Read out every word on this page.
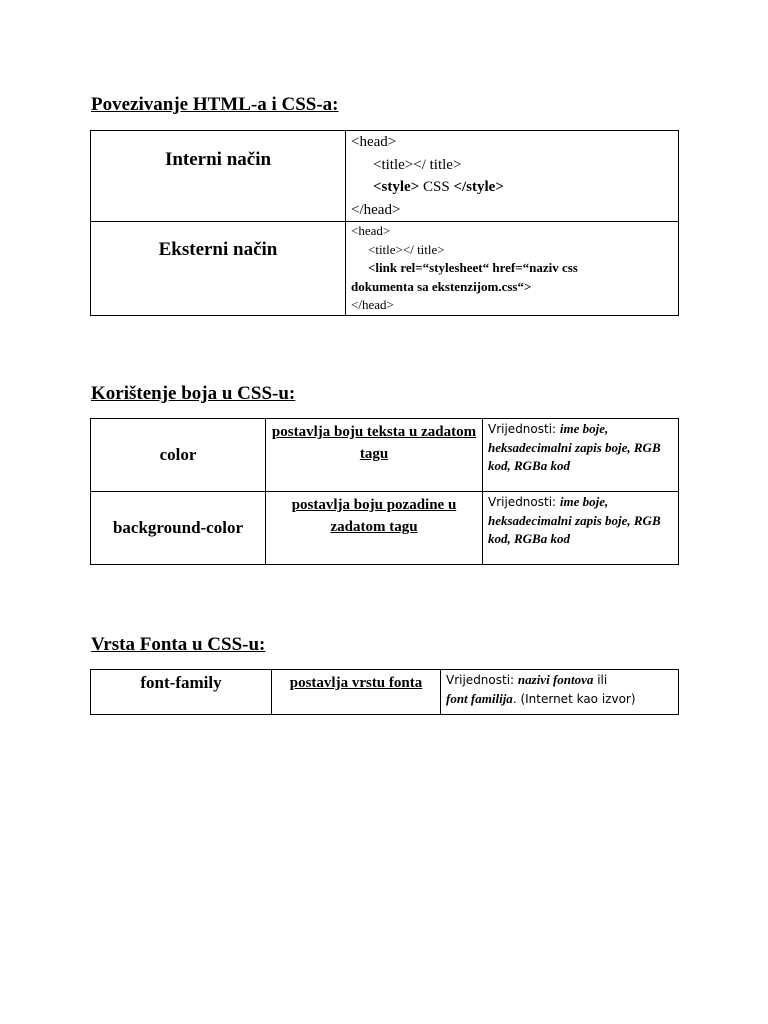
Povezivanje HTML-a i CSS-a:
Interni način	<head>
<title></ title>
<style> CSS </style>
</head>

Eksterni način	<head>
<title></ title>
<link rel=“stylesheet“ href=“naziv css
dokumenta sa ekstenzijom.css“>
</head>
Korištenje boja u CSS-u:
color	postavlja boju teksta u zadatom tagu	Vrijednosti: ime boje, heksadecimalni zapis boje, RGB kod, RGBa kod
background-color	postavlja boju pozadine u zadatom tagu	Vrijednosti: ime boje, heksadecimalni zapis boje, RGB kod, RGBa kod
Vrsta Fonta u CSS-u:
font-family	postavlja vrstu fonta	Vrijednosti: nazivi fontova ili
font familija. (Internet kao izvor)
